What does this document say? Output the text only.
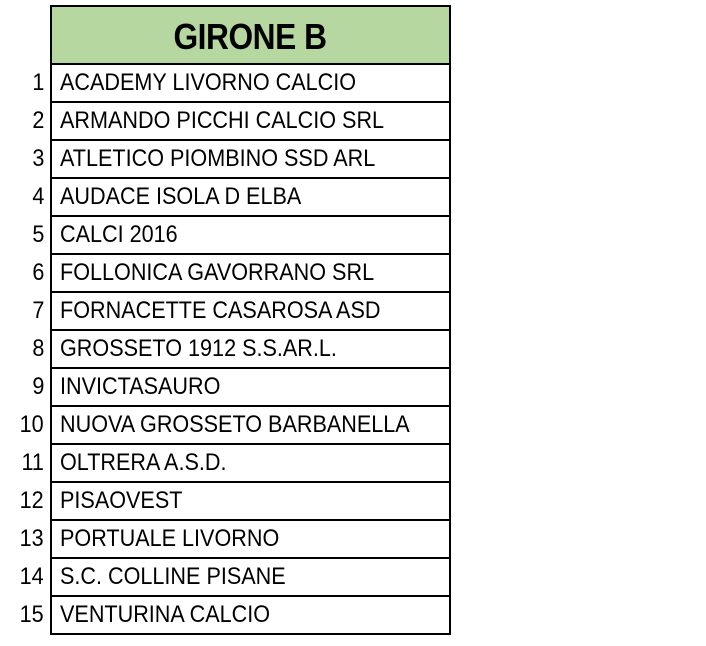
	GIRONE B
1	ACADEMY LIVORNO CALCIO
2	ARMANDO PICCHI CALCIO SRL
3	ATLETICO PIOMBINO SSD ARL
4	AUDACE ISOLA D ELBA
5	CALCI 2016
6	FOLLONICA GAVORRANO SRL
7	FORNACETTE CASAROSA ASD
8	GROSSETO 1912 S.S.AR.L.
9	INVICTASAURO
10	NUOVA GROSSETO BARBANELLA
11	OLTRERA A.S.D.
12	PISAOVEST
13	PORTUALE LIVORNO
14	S.C. COLLINE PISANE
15	VENTURINA CALCIO
